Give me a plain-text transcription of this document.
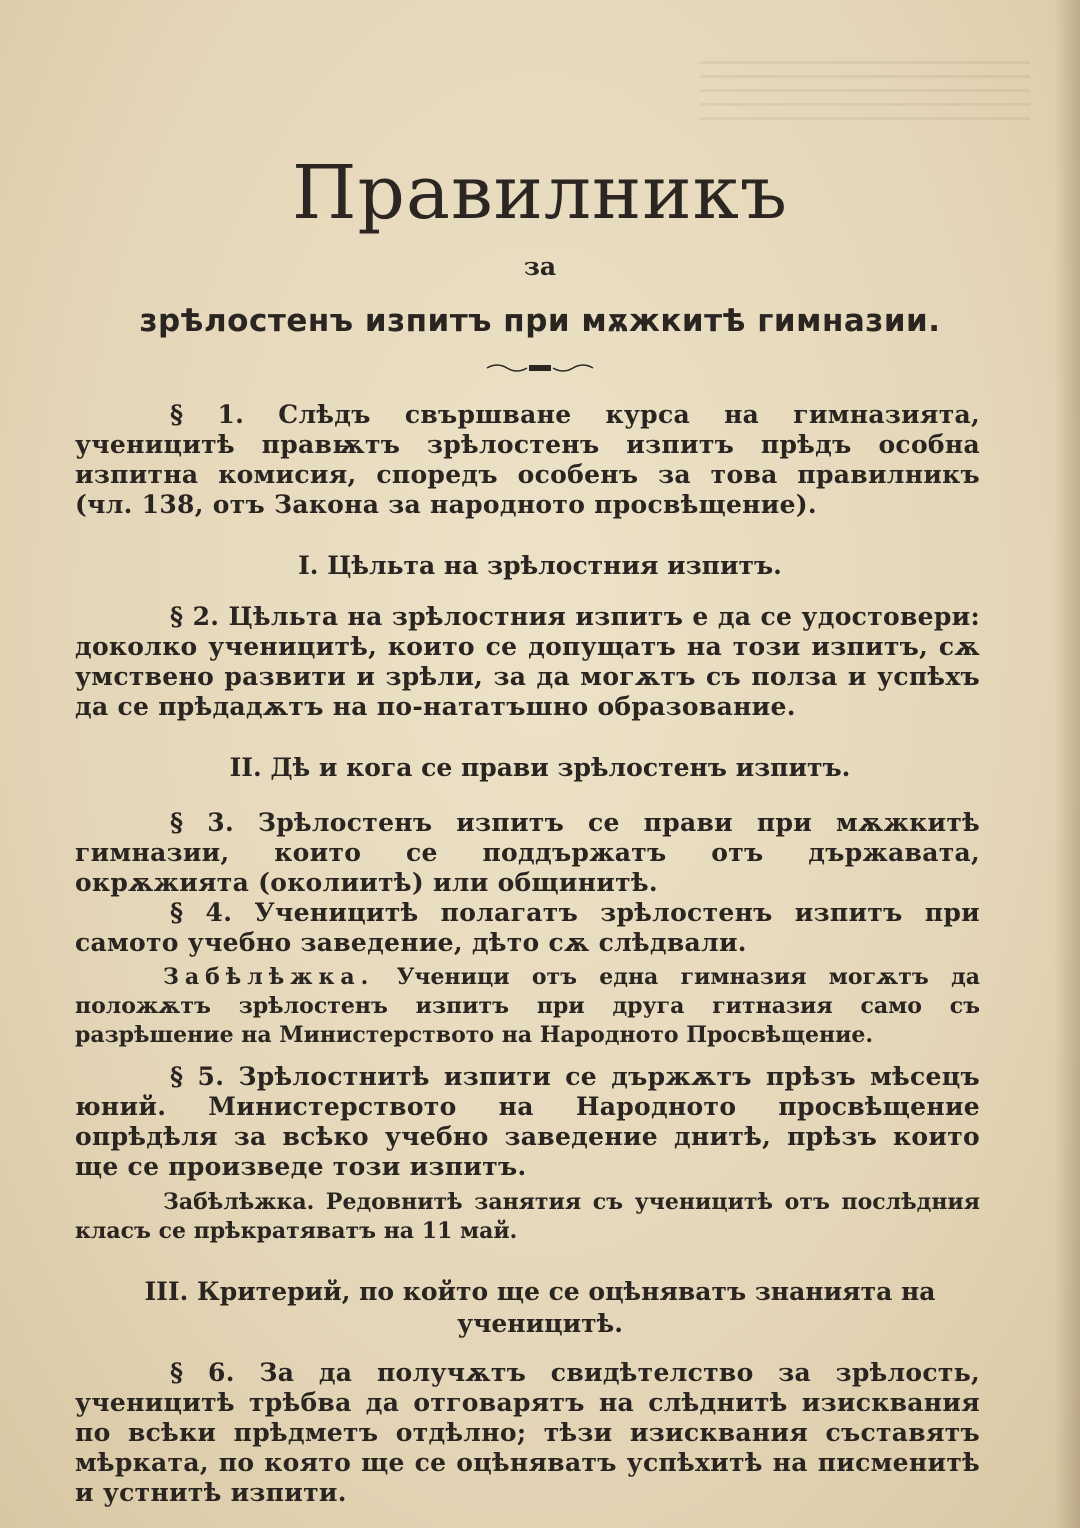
Правилникъ
за
зрѣлостенъ изпитъ при мѫжкитѣ гимназии.
§ 1. Слѣдъ свършване курса на гимназията, ученицитѣ правѭтъ зрѣлостенъ изпитъ прѣдъ особна изпитна комисия, споредъ особенъ за това правилникъ (чл. 138, отъ Закона за народното просвѣщение).
I. Цѣльта на зрѣлостния изпитъ.
§ 2. Цѣльта на зрѣлостния изпитъ е да се удостовери: доколко ученицитѣ, които се допущатъ на този изпитъ, сѫ умствено развити и зрѣли, за да могѫтъ съ полза и успѣхъ да се прѣдадѫтъ на по-нататъшно образование.
II. Дѣ и кога се прави зрѣлостенъ изпитъ.
§ 3. Зрѣлостенъ изпитъ се прави при мѫжкитѣ гимназии, които се поддържатъ отъ държавата, окрѫжията (околиитѣ) или общинитѣ.
§ 4. Ученицитѣ полагатъ зрѣлостенъ изпитъ при самото учебно заведение, дѣто сѫ слѣдвали.
Забѣлѣжка. Ученици отъ една гимназия могѫтъ да положѫтъ зрѣлостенъ изпитъ при друга гитназия само съ разрѣшение на Министерството на Народното Просвѣщение.
§ 5. Зрѣлостнитѣ изпити се държѫтъ прѣзъ мѣсецъ юний. Министерството на Народното просвѣщение опрѣдѣля за всѣко учебно заведение днитѣ, прѣзъ които ще се произведе този изпитъ.
Забѣлѣжка. Редовнитѣ занятия съ ученицитѣ отъ послѣдния класъ се прѣкратяватъ на 11 май.
III. Критерий, по който ще се оцѣняватъ знанията на ученицитѣ.
§ 6. За да получѫтъ свидѣтелство за зрѣлость, ученицитѣ трѣбва да отговарятъ на слѣднитѣ изисквания по всѣки прѣдметъ отдѣлно; тѣзи изисквания съставятъ мѣрката, по която ще се оцѣняватъ успѣхитѣ на писменитѣ и устнитѣ изпити.
